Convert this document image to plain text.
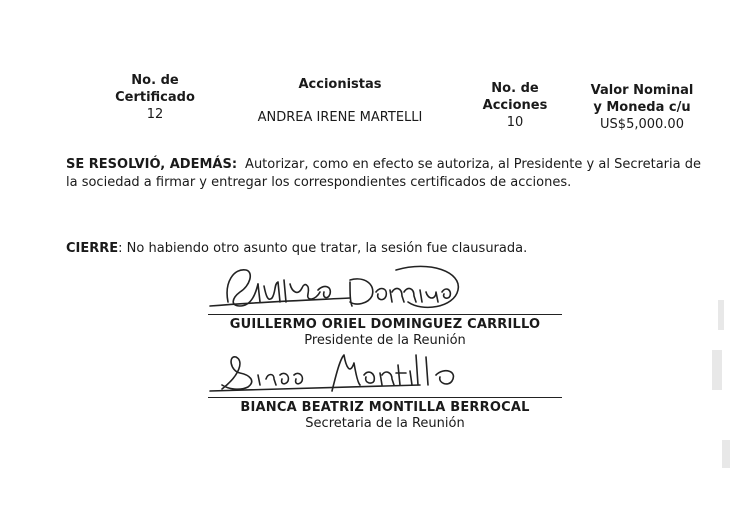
No. de
Certificado
12
Accionistas
ANDREA IRENE MARTELLI
No. de
Acciones
10
Valor Nominal
y Moneda c/u
US$5,000.00
SE RESOLVIÓ, ADEMÁS: Autorizar, como en efecto se autoriza, al Presidente y al Secretaria de la sociedad a firmar y entregar los correspondientes certificados de acciones.
CIERRE: No habiendo otro asunto que tratar, la sesión fue clausurada.
GUILLERMO ORIEL DOMINGUEZ CARRILLO
Presidente de la Reunión
BIANCA BEATRIZ MONTILLA BERROCAL
Secretaria de la Reunión
